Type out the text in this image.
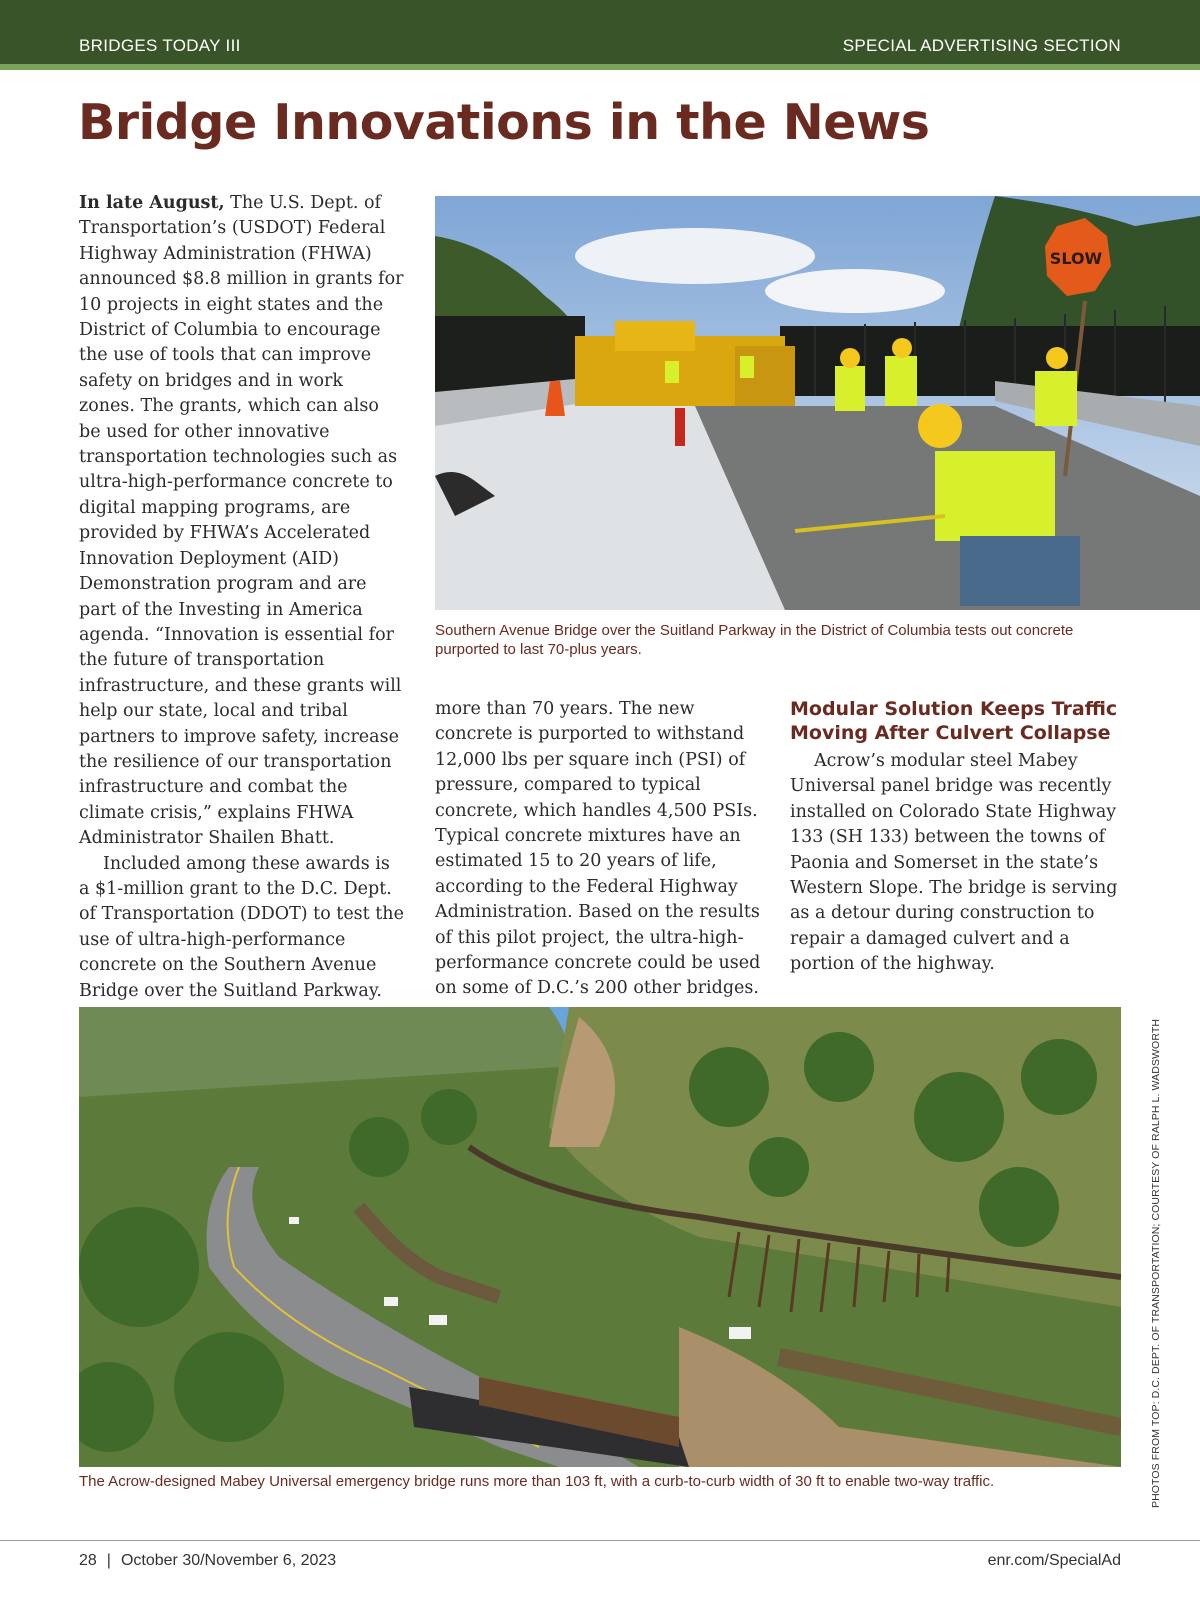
BRIDGES TODAY III	SPECIAL ADVERTISING SECTION
Bridge Innovations in the News

In late August, The U.S. Dept. of Transportation’s (USDOT) Federal Highway Administration (FHWA) announced $8.8 million in grants for 10 projects in eight states and the District of Columbia to encourage the use of tools that can improve safety on bridges and in work zones. The grants, which can also be used for other innovative transportation technologies such as ultra-high-performance concrete to digital mapping programs, are provided by FHWA’s Accelerated Innovation Deployment (AID) Demonstration program and are part of the Investing in America agenda. “Innovation is essential for the future of transportation infrastructure, and these grants will help our state, local and tribal partners to improve safety, increase the resilience of our transportation infrastructure and combat the climate crisis,” explains FHWA Administrator Shailen Bhatt.

Included among these awards is a $1-million grant to the D.C. Dept. of Transportation (DDOT) to test the use of ultra-high-performance concrete on the Southern Avenue Bridge over the Suitland Parkway.

SLOW
Southern Avenue Bridge over the Suitland Parkway in the District of Columbia tests out concrete purported to last 70-plus years.

more than 70 years. The new concrete is purported to withstand 12,000 lbs per square inch (PSI) of pressure, compared to typical concrete, which handles 4,500 PSIs. Typical concrete mixtures have an estimated 15 to 20 years of life, according to the Federal Highway Administration. Based on the results of this pilot project, the ultra-high-performance concrete could be used on some of D.C.’s 200 other bridges.

Modular Solution Keeps Traffic Moving After Culvert Collapse

Acrow’s modular steel Mabey Universal panel bridge was recently installed on Colorado State Highway 133 (SH 133) between the towns of Paonia and Somerset in the state’s Western Slope. The bridge is serving as a detour during construction to repair a damaged culvert and a portion of the highway.

The Acrow-designed Mabey Universal emergency bridge runs more than 103 ft, with a curb-to-curb width of 30 ft to enable two-way traffic.	PHOTOS FROM TOP: D.C. DEPT. OF TRANSPORTATION; COURTESY OF RALPH L. WADSWORTH
28 | October 30/November 6, 2023	enr.com/SpecialAd
